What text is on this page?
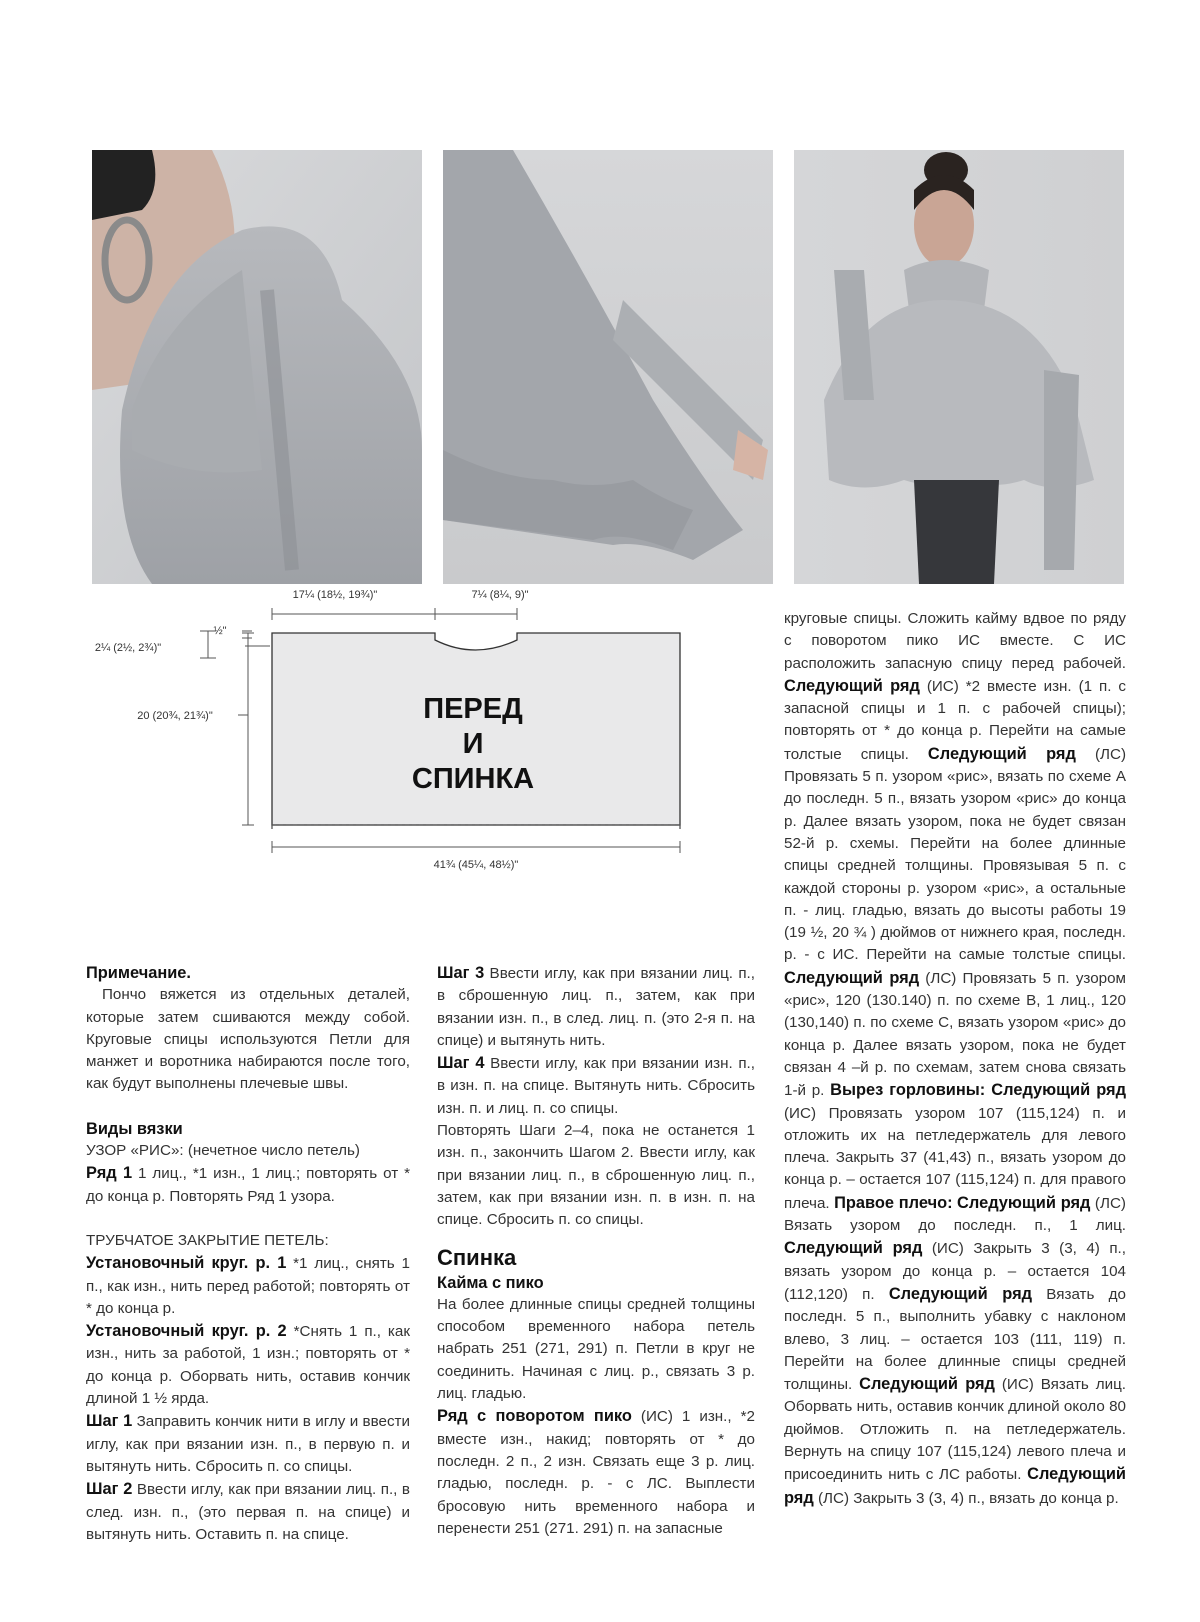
17¼ (18½, 19¾)"	7¼ (8¼, 9)"
ПЕРЕД
И
СПИНКА
½"
2¼ (2½, 2¾)"
20 (20¾, 21¾)"
41¾ (45¼, 48½)"
Примечание.

Пончо вяжется из отдельных деталей, которые затем сшиваются между собой. Круговые спицы используются Петли для манжет и воротника набираются после того, как будут выполнены плечевые швы.

Виды вязки

УЗОР «РИС»: (нечетное число петель)

Ряд 1 1 лиц., *1 изн., 1 лиц.; повторять от * до конца р. Повторять Ряд 1 узора.

ТРУБЧАТОЕ ЗАКРЫТИЕ ПЕТЕЛЬ:

Установочный круг. р. 1 *1 лиц., снять 1 п., как изн., нить перед работой; повторять от * до конца р.

Установочный круг. р. 2 *Снять 1 п., как изн., нить за работой, 1 изн.; повторять от * до конца р. Оборвать нить, оставив кончик длиной 1 ½ ярда.

Шаг 1 Заправить кончик нити в иглу и ввести иглу, как при вязании изн. п., в первую п. и вытянуть нить. Сбросить п. со спицы.

Шаг 2 Ввести иглу, как при вязании лиц. п., в след. изн. п., (это первая п. на спице) и вытянуть нить. Оставить п. на спице.

Шаг 3 Ввести иглу, как при вязании лиц. п., в сброшенную лиц. п., затем, как при вязании изн. п., в след. лиц. п. (это 2-я п. на спице) и вытянуть нить.

Шаг 4 Ввести иглу, как при вязании изн. п., в изн. п. на спице. Вытянуть нить. Сбросить изн. п. и лиц. п. со спицы.

Повторять Шаги 2–4, пока не останется 1 изн. п., закончить Шагом 2. Ввести иглу, как при вязании лиц. п., в сброшенную лиц. п., затем, как при вязании изн. п. в изн. п. на спице. Сбросить п. со спицы.

Спинка
Кайма с пико

На более длинные спицы средней толщины способом временного набора петель набрать 251 (271, 291) п. Петли в круг не соединить. Начиная с лиц. р., связать 3 р. лиц. гладью.

Ряд с поворотом пико (ИС) 1 изн., *2 вместе изн., накид; повторять от * до последн. 2 п., 2 изн. Связать еще 3 р. лиц. гладью, последн. р. - с ЛС. Выплести бросовую нить временного набора и перенести 251 (271. 291) п. на запасные

круговые спицы. Сложить кайму вдвое по ряду с поворотом пико ИС вместе. С ИС расположить запасную спицу перед рабочей. Следующий ряд (ИС) *2 вместе изн. (1 п. с запасной спицы и 1 п. с рабочей спицы); повторять от * до конца р. Перейти на самые толстые спицы. Следующий ряд (ЛС) Провязать 5 п. узором «рис», вязать по схеме А до последн. 5 п., вязать узором «рис» до конца р. Далее вязать узором, пока не будет связан 52-й р. схемы. Перейти на более длинные спицы средней толщины. Провязывая 5 п. с каждой стороны р. узором «рис», а остальные п. - лиц. гладью, вязать до высоты работы 19 (19 ½, 20 ¾ ) дюймов от нижнего края, последн. р. - с ИС. Перейти на самые толстые спицы. Следующий ряд (ЛС) Провязать 5 п. узором «рис», 120 (130.140) п. по схеме В, 1 лиц., 120 (130,140) п. по схеме С, вязать узором «рис» до конца р. Далее вязать узором, пока не будет связан 4 –й р. по схемам, затем снова связать 1-й р. Вырез горловины: Следующий ряд (ИС) Провязать узором 107 (115,124) п. и отложить их на петледержатель для левого плеча. Закрыть 37 (41,43) п., вязать узором до конца р. – остается 107 (115,124) п. для правого плеча. Правое плечо: Следующий ряд (ЛС) Вязать узором до последн. п., 1 лиц. Следующий ряд (ИС) Закрыть 3 (3, 4) п., вязать узором до конца р. – остается 104 (112,120) п. Следующий ряд Вязать до последн. 5 п., выполнить убавку с наклоном влево, 3 лиц. – остается 103 (111, 119) п. Перейти на более длинные спицы средней толщины. Следующий ряд (ИС) Вязать лиц. Оборвать нить, оставив кончик длиной около 80 дюймов. Отложить п. на петледержатель. Вернуть на спицу 107 (115,124) левого плеча и присоединить нить с ЛС работы. Следующий ряд (ЛС) Закрыть 3 (3, 4) п., вязать до конца р.
